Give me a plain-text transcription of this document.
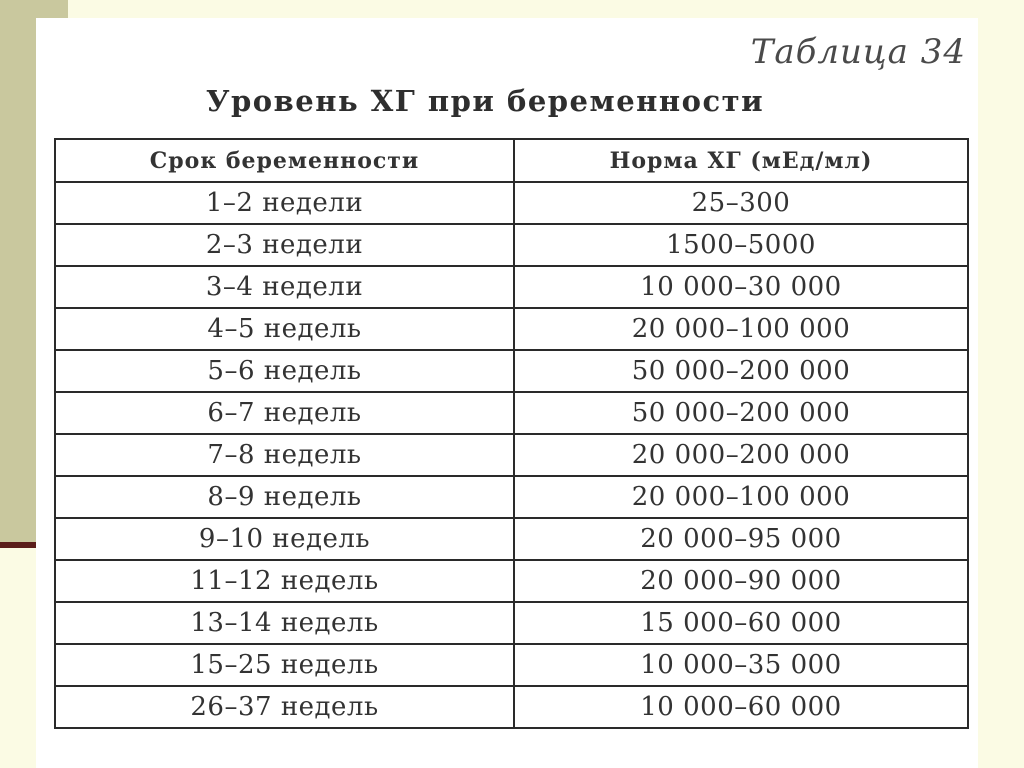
Таблица 34
Уровень ХГ при беременности
Срок беременности	Норма ХГ (мЕд/мл)
1–2 недели	25–300
2–3 недели	1500–5000
3–4 недели	10 000–30 000
4–5 недель	20 000–100 000
5–6 недель	50 000–200 000
6–7 недель	50 000–200 000
7–8 недель	20 000–200 000
8–9 недель	20 000–100 000
9–10 недель	20 000–95 000
11–12 недель	20 000–90 000
13–14 недель	15 000–60 000
15–25 недель	10 000–35 000
26–37 недель	10 000–60 000
